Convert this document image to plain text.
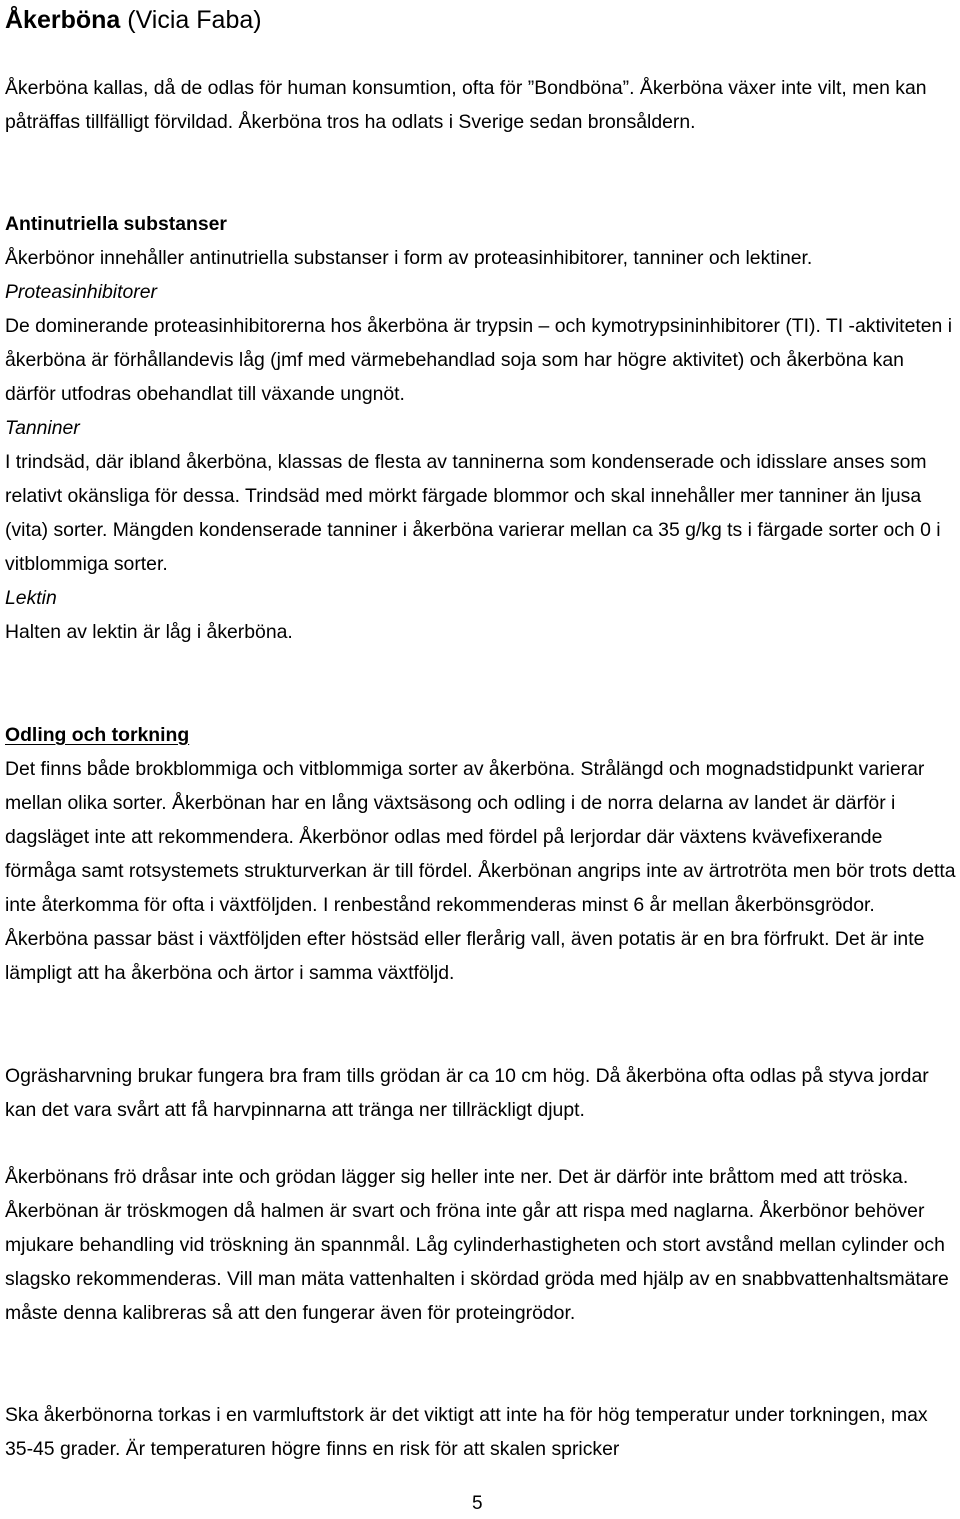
Åkerböna (Vicia Faba)

Åkerböna kallas, då de odlas för human konsumtion, ofta för ”Bondböna”. Åkerböna växer inte vilt, men kan påträffas tillfälligt förvildad. Åkerböna tros ha odlats i Sverige sedan bronsåldern.

Antinutriella substanser

Åkerbönor innehåller antinutriella substanser i form av proteasinhibitorer, tanniner och lektiner.

Proteasinhibitorer

De dominerande proteasinhibitorerna hos åkerböna är trypsin – och kymotrypsininhibitorer (TI). TI -aktiviteten i åkerböna är förhållandevis låg (jmf med värmebehandlad soja som har högre aktivitet) och åkerböna kan därför utfodras obehandlat till växande ungnöt.

Tanniner

I trindsäd, där ibland åkerböna, klassas de flesta av tanninerna som kondenserade och idisslare anses som relativt okänsliga för dessa. Trindsäd med mörkt färgade blommor och skal innehåller mer tanniner än ljusa (vita) sorter. Mängden kondenserade tanniner i åkerböna varierar mellan ca 35 g/kg ts i färgade sorter och 0 i vitblommiga sorter.

Lektin

Halten av lektin är låg i åkerböna.

Odling och torkning

Det finns både brokblommiga och vitblommiga sorter av åkerböna. Strålängd och mognadstidpunkt varierar mellan olika sorter. Åkerbönan har en lång växtsäsong och odling i de norra delarna av landet är därför i dagsläget inte att rekommendera. Åkerbönor odlas med fördel på lerjordar där växtens kvävefixerande förmåga samt rotsystemets strukturverkan är till fördel. Åkerbönan angrips inte av ärtrotröta men bör trots detta inte återkomma för ofta i växtföljden. I renbestånd rekommenderas minst 6 år mellan åkerbönsgrödor. Åkerböna passar bäst i växtföljden efter höstsäd eller flerårig vall, även potatis är en bra förfrukt. Det är inte lämpligt att ha åkerböna och ärtor i samma växtföljd.

Ogräsharvning brukar fungera bra fram tills grödan är ca 10 cm hög. Då åkerböna ofta odlas på styva jordar kan det vara svårt att få harvpinnarna att tränga ner tillräckligt djupt.

Åkerbönans frö dråsar inte och grödan lägger sig heller inte ner. Det är därför inte bråttom med att tröska. Åkerbönan är tröskmogen då halmen är svart och fröna inte går att rispa med naglarna. Åkerbönor behöver mjukare behandling vid tröskning än spannmål. Låg cylinderhastigheten och stort avstånd mellan cylinder och slagsko rekommenderas. Vill man mäta vattenhalten i skördad gröda med hjälp av en snabbvattenhaltsmätare måste denna kalibreras så att den fungerar även för proteingrödor.

Ska åkerbönorna torkas i en varmluftstork är det viktigt att inte ha för hög temperatur under torkningen, max 35-45 grader. Är temperaturen högre finns en risk för att skalen spricker

5
